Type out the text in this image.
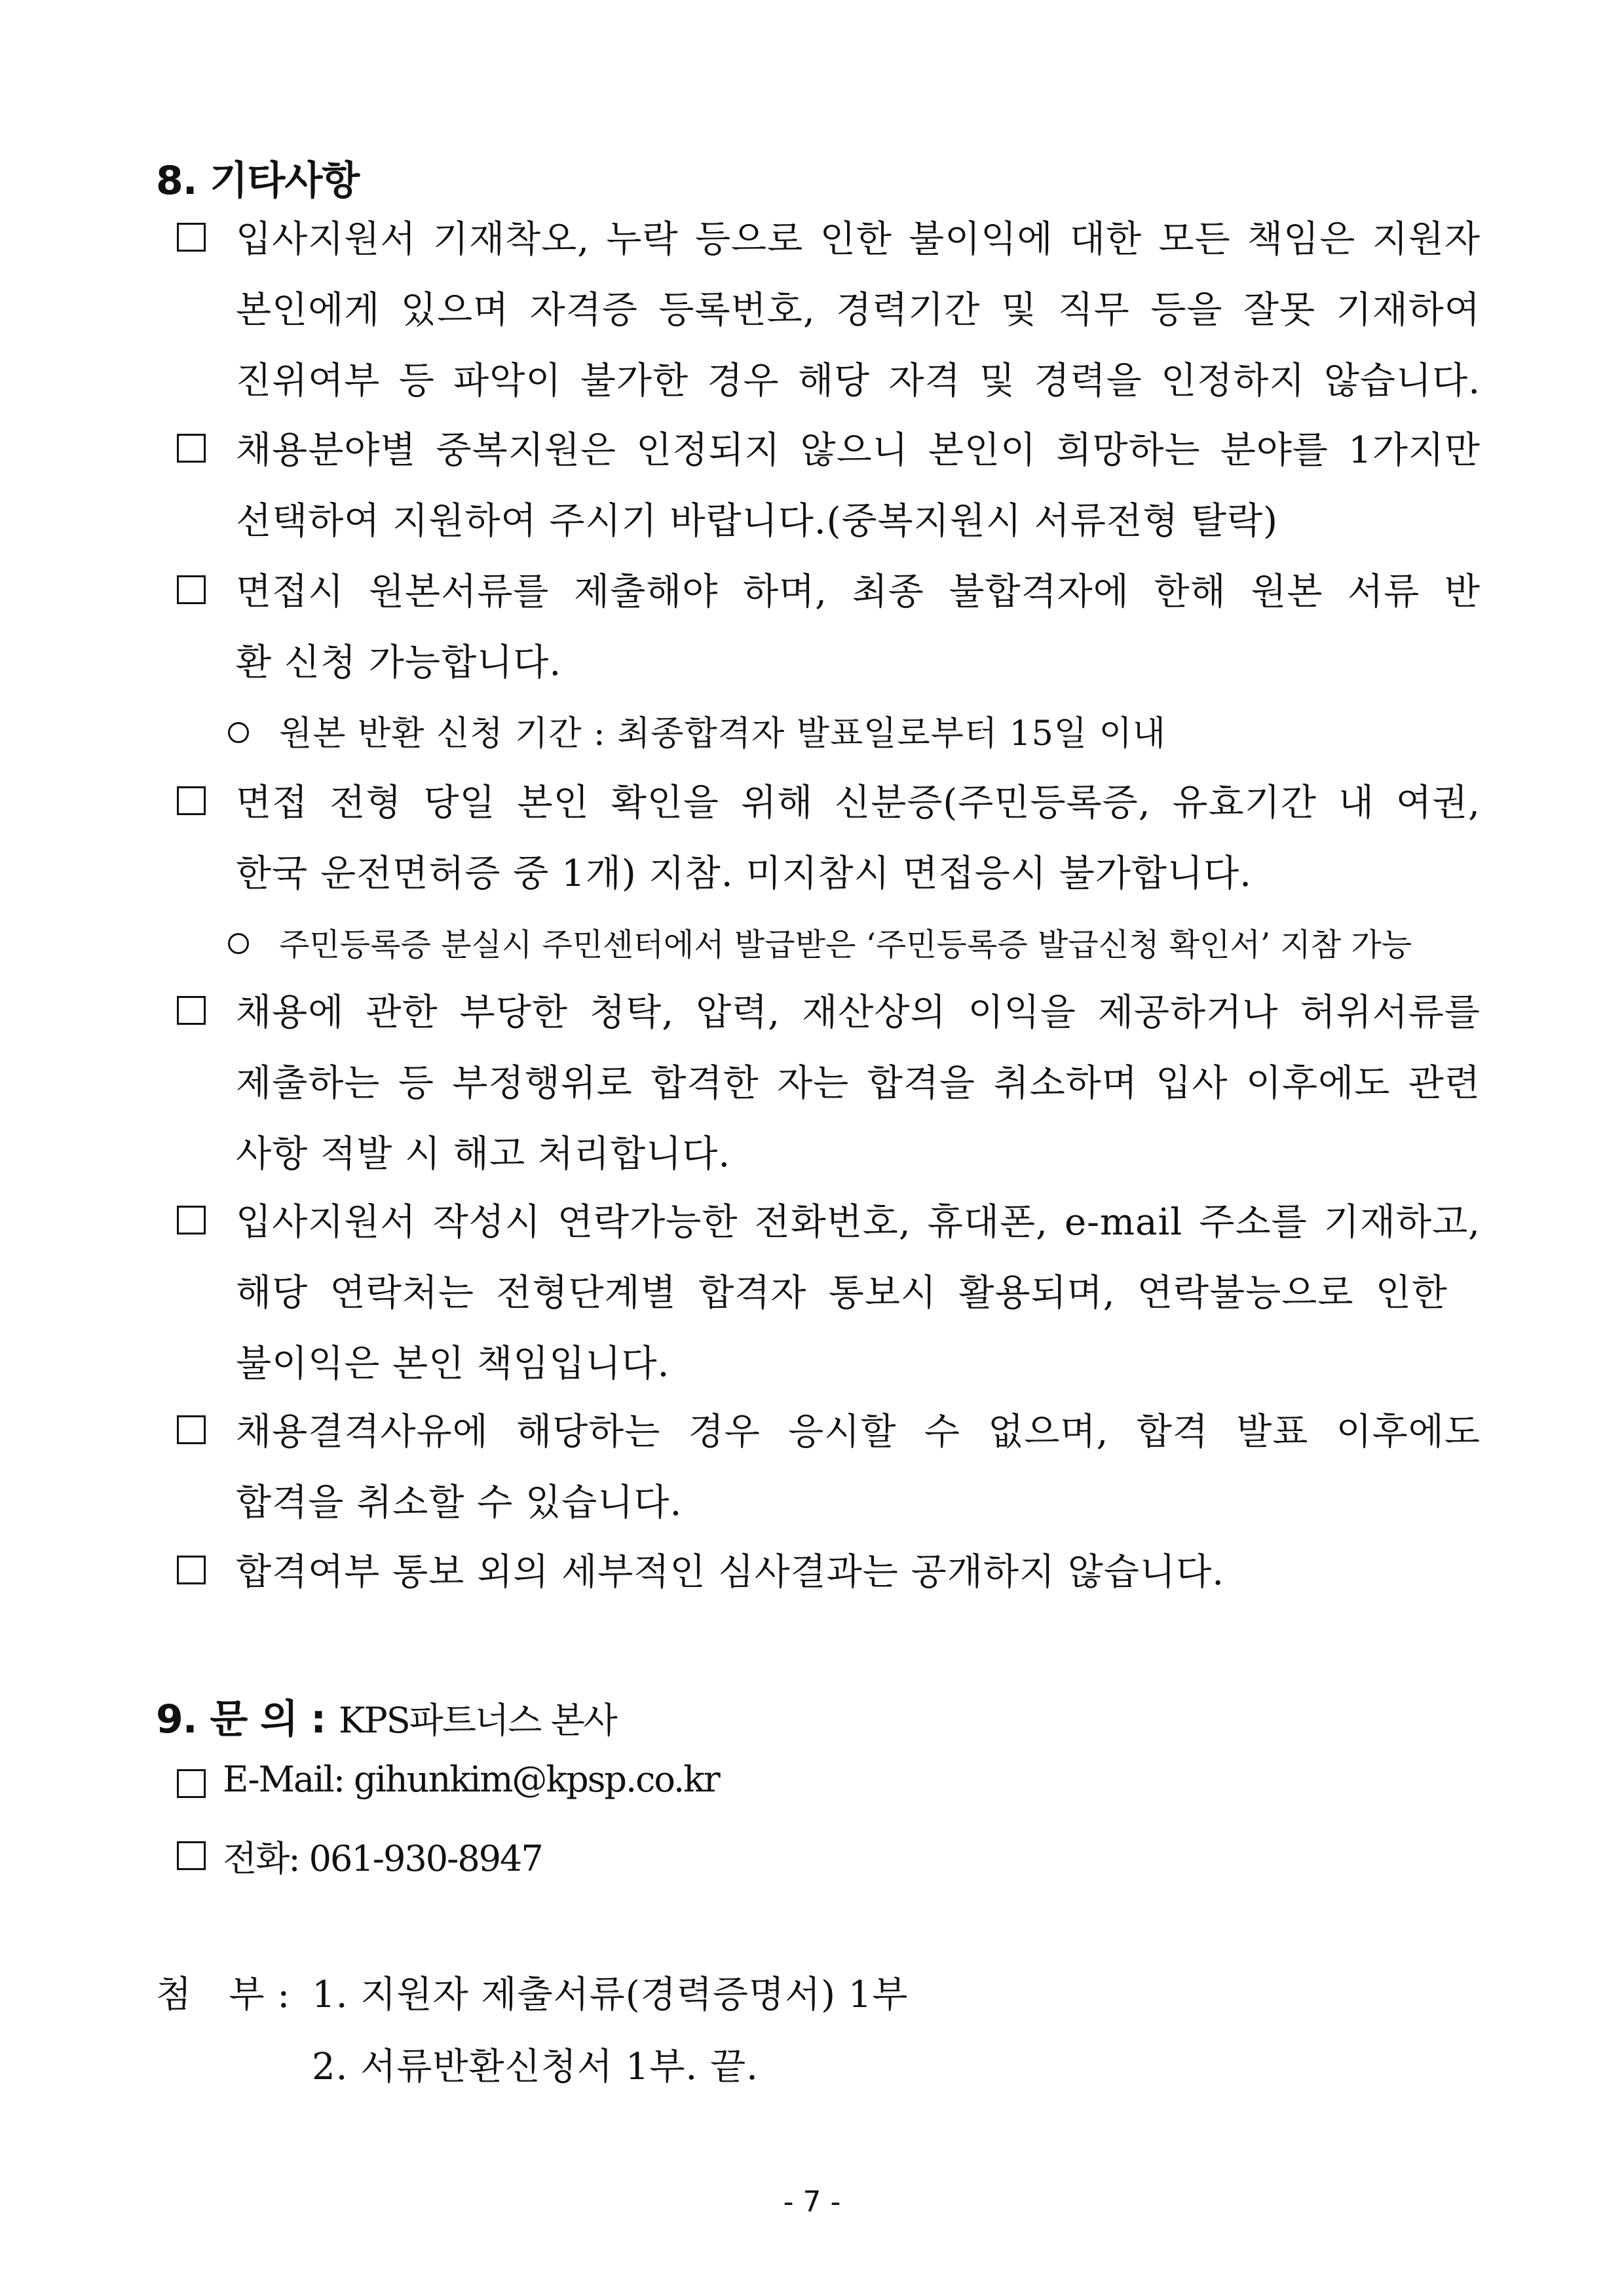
8. 기타사항
입사지원서 기재착오, 누락 등으로 인한 불이익에 대한 모든 책임은 지원자
본인에게 있으며 자격증 등록번호, 경력기간 및 직무 등을 잘못 기재하여
진위여부 등 파악이 불가한 경우 해당 자격 및 경력을 인정하지 않습니다.
채용분야별 중복지원은 인정되지 않으니 본인이 희망하는 분야를 1가지만
선택하여 지원하여 주시기 바랍니다.(중복지원시 서류전형 탈락)
면접시 원본서류를 제출해야 하며, 최종 불합격자에 한해 원본 서류 반
환 신청 가능합니다.
원본 반환 신청 기간 : 최종합격자 발표일로부터 15일 이내
면접 전형 당일 본인 확인을 위해 신분증(주민등록증, 유효기간 내 여권,
한국 운전면허증 중 1개) 지참. 미지참시 면접응시 불가합니다.
주민등록증 분실시 주민센터에서 발급받은 ‘주민등록증 발급신청 확인서’ 지참 가능
채용에 관한 부당한 청탁, 압력, 재산상의 이익을 제공하거나 허위서류를
제출하는 등 부정행위로 합격한 자는 합격을 취소하며 입사 이후에도 관련
사항 적발 시 해고 처리합니다.
입사지원서 작성시 연락가능한 전화번호, 휴대폰, e-mail 주소를 기재하고,
해당 연락처는 전형단계별 합격자 통보시 활용되며, 연락불능으로 인한
불이익은 본인 책임입니다.
채용결격사유에 해당하는 경우 응시할 수 없으며, 합격 발표 이후에도
합격을 취소할 수 있습니다.
합격여부 통보 외의 세부적인 심사결과는 공개하지 않습니다.
9. 문 의 : KPS파트너스 본사
E-Mail: gihunkim@kpsp.co.kr
전화: 061-930-8947
첨   부 : 1. 지원자 제출서류(경력증명서) 1부
2. 서류반환신청서 1부. 끝.
- 7 -
